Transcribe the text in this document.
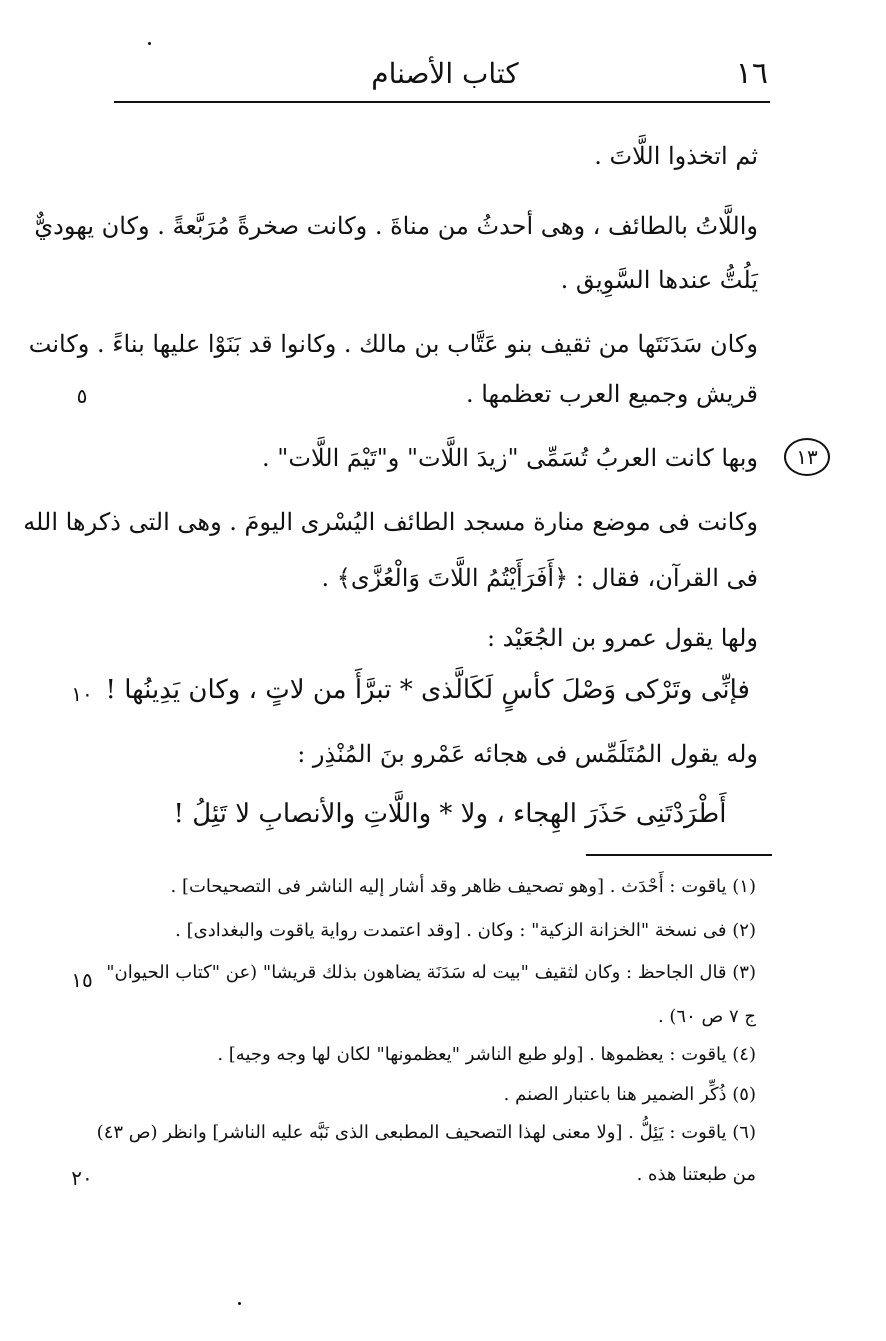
١٦
كتاب الأصنام
ثم اتخذوا اللَّاتَ .
واللَّاتُ بالطائف ، وهى أحدثُ من مناةَ . وكانت صخرةً مُرَبَّعةً . وكان يهوديٌّ
يَلُتُّ عندها السَّوِيق .
وكان سَدَنَتَها من ثقيف بنو عَتَّاب بن مالك . وكانوا قد بَنَوْا عليها بناءً . وكانت
قريش وجميع العرب تعظمها .
وبها كانت العربُ تُسَمِّى "زيدَ اللَّات" و"تَيْمَ اللَّات" .
وكانت فى موضع منارة مسجد الطائف اليُسْرى اليومَ . وهى التى ذكرها الله
فى القرآن، فقال : ﴿أَفَرَأَيْتُمُ اللَّاتَ وَالْعُزَّى﴾ .
ولها يقول عمرو بن الجُعَيْد :
فإنِّى وتَرْكى وَصْلَ كأسٍ لَكَالَّذى * تبرَّأَ من لاتٍ ، وكان يَدِينُها !
وله يقول المُتَلَمِّس فى هجائه عَمْرو بنَ المُنْذِر :
أَطْرَدْتَنِى حَذَرَ الهِجاء ، ولا * واللَّاتِ والأنصابِ لا تَئِلُ !
٥
١٠
١٥
٢٠
١٣
(١) ياقوت : أَحْدَث . [وهو تصحيف ظاهر وقد أشار إليه الناشر فى التصحيحات] .
(٢) فى نسخة "الخزانة الزكية" : وكان . [وقد اعتمدت رواية ياقوت والبغدادى] .
(٣) قال الجاحظ : وكان لثقيف "بيت له سَدَنَة يضاهون بذلك قريشا" (عن "كتاب الحيوان"
ج ٧ ص ٦٠) .
(٤) ياقوت : يعظموها . [ولو طبع الناشر "يعظمونها" لكان لها وجه وجيه] .
(٥) ذُكِّر الضمير هنا باعتبار الصنم .
(٦) ياقوت : يَئِلُّ . [ولا معنى لهذا التصحيف المطبعى الذى نَبَّه عليه الناشر] وانظر (ص ٤٣)
من طبعتنا هذه .
